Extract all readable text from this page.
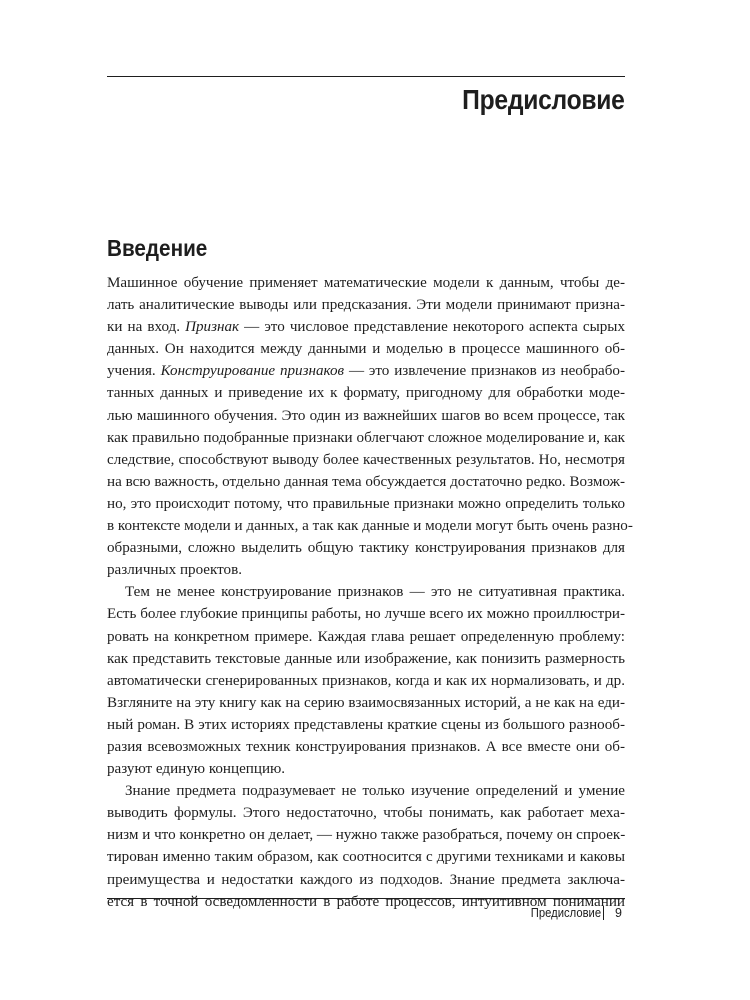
Предисловие
Введение
Машинное обучение применяет математические модели к данным, чтобы де-
лать аналитические выводы или предсказания. Эти модели принимают призна-
ки на вход. Признак — это числовое представление некоторого аспекта сырых
данных. Он находится между данными и моделью в процессе машинного об-
учения. Конструирование признаков — это извлечение признаков из необрабо-
танных данных и приведение их к формату, пригодному для обработки моде-
лью машинного обучения. Это один из важнейших шагов во всем процессе, так
как правильно подобранные признаки облегчают сложное моделирование и, как
следствие, способствуют выводу более качественных результатов. Но, несмотря
на всю важность, отдельно данная тема обсуждается достаточно редко. Возмож-
но, это происходит потому, что правильные признаки можно определить только
в контексте модели и данных, а так как данные и модели могут быть очень разно-
образными, сложно выделить общую тактику конструирования признаков для
различных проектов.
Тем не менее конструирование признаков — это не ситуативная практика.
Есть более глубокие принципы работы, но лучше всего их можно проиллюстри-
ровать на конкретном примере. Каждая глава решает определенную проблему:
как представить текстовые данные или изображение, как понизить размерность
автоматически сгенерированных признаков, когда и как их нормализовать, и др.
Взгляните на эту книгу как на серию взаимосвязанных историй, а не как на еди-
ный роман. В этих историях представлены краткие сцены из большого разнооб-
разия всевозможных техник конструирования признаков. А все вместе они об-
разуют единую концепцию.
Знание предмета подразумевает не только изучение определений и умение
выводить формулы. Этого недостаточно, чтобы понимать, как работает меха-
низм и что конкретно он делает, — нужно также разобраться, почему он спроек-
тирован именно таким образом, как соотносится с другими техниками и каковы
преимущества и недостатки каждого из подходов. Знание предмета заключа-
ется в точной осведомленности в работе процессов, интуитивном понимании
Предисловие 9
